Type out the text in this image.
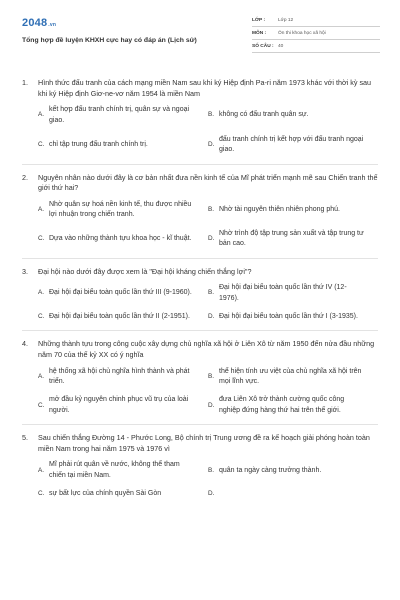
2048.vn
Tổng hợp đề luyện KHXH cực hay có đáp án (Lịch sử)
LỚP :	Lớp 12
MÔN :	Ôn thi khoa học xã hội
SỐ CÂU : 40
1.	Hình thức đấu tranh của cách mạng miền Nam sau khi ký Hiệp định Pa-ri năm 1973 khác với thời kỳ sau khi ký Hiệp định Giơ-ne-vơ năm 1954 là miền Nam
A.
kết hợp đấu tranh chính trị, quân sự và ngoại giao.
B. không có đấu tranh quân sự.
C. chỉ tập trung đấu tranh chính trị.	D.
đấu tranh chính trị kết hợp với đấu tranh ngoại giao.
2.	Nguyên nhân nào dưới đây là cơ bản nhất đưa nền kinh tế của Mĩ phát triển mạnh mẽ sau Chiến tranh thế giới thứ hai?
A.
Nhờ quân sự hoá nền kinh tế, thu được nhiều lợi nhuận trong chiến tranh.
B. Nhờ tài nguyên thiên nhiên phong phú.
C. Dựa vào những thành tựu khoa học - kĩ thuật.	D.
Nhờ trình độ tập trung sản xuất và tập trung tư bản cao.
3.	Đại hội nào dưới đây được xem là "Đại hội kháng chiến thắng lợi"?
A. Đại hội đại biểu toàn quốc lần thứ III (9-1960).	B.
Đại hội đại biểu toàn quốc lần thứ IV (12-1976).
C. Đại hội đại biểu toàn quốc lần thứ II (2-1951).	D. Đại hội đại biểu toàn quốc lần thứ I (3-1935).
4.	Những thành tựu trong công cuộc xây dựng chủ nghĩa xã hội ở Liên Xô từ năm 1950 đến nửa đầu những năm 70 của thế kỷ XX có ý nghĩa
A.
hệ thống xã hội chủ nghĩa hình thành và phát triển.
B.
thể hiện tính ưu việt của chủ nghĩa xã hội trên mọi lĩnh vực.
C.
mở đầu kỷ nguyên chinh phục vũ trụ của loài người.
D.
đưa Liên Xô trở thành cường quốc công nghiệp đứng hàng thứ hai trên thế giới.
5.	Sau chiến thắng Đường 14 - Phước Long, Bộ chính trị Trung ương đề ra kế hoạch giải phóng hoàn toàn miền Nam trong hai năm 1975 và 1976 vì
A.
Mĩ phải rút quân về nước, không thể tham chiến tại miền Nam.
B. quân ta ngày càng trưởng thành.
C. sự bất lực của chính quyền Sài Gòn	D.
